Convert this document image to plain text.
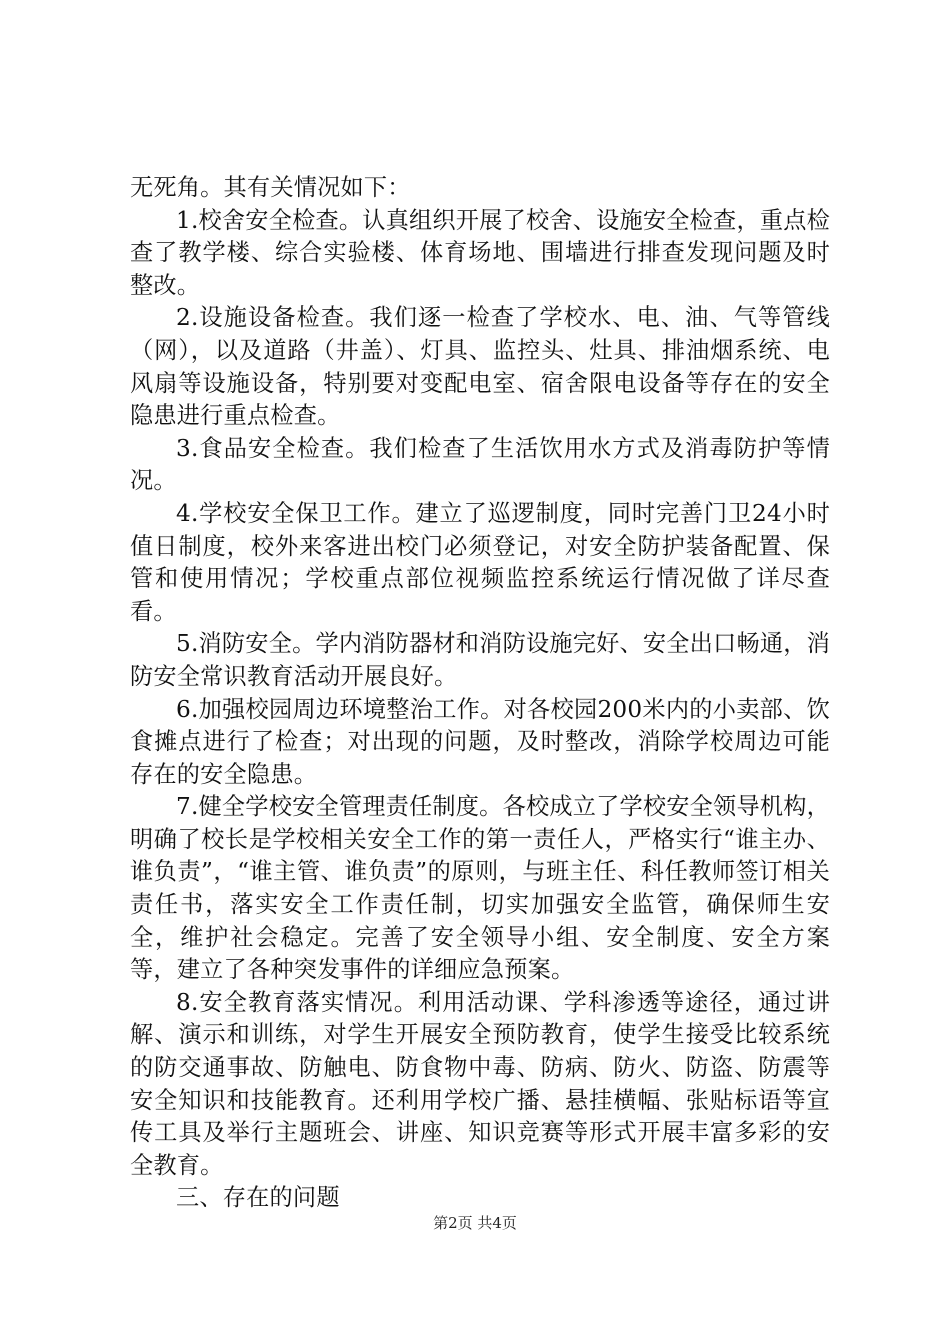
无死角。其有关情况如下：

1.校舍安全检查。认真组织开展了校舍、设施安全检查，重点检查了教学楼、综合实验楼、体育场地、围墙进行排查发现问题及时整改。

2.设施设备检查。我们逐一检查了学校水、电、油、气等管线（网），以及道路（井盖）、灯具、监控头、灶具、排油烟系统、电风扇等设施设备，特别要对变配电室、宿舍限电设备等存在的安全隐患进行重点检查。

3.食品安全检查。我们检查了生活饮用水方式及消毒防护等情况。

4.学校安全保卫工作。建立了巡逻制度，同时完善门卫24小时值日制度，校外来客进出校门必须登记，对安全防护装备配置、保管和使用情况；学校重点部位视频监控系统运行情况做了详尽查看。

5.消防安全。学内消防器材和消防设施完好、安全出口畅通，消防安全常识教育活动开展良好。

6.加强校园周边环境整治工作。对各校园200米内的小卖部、饮食摊点进行了检查；对出现的问题，及时整改，消除学校周边可能存在的安全隐患。

7.健全学校安全管理责任制度。各校成立了学校安全领导机构，明确了校长是学校相关安全工作的第一责任人，严格实行“谁主办、谁负责”，“谁主管、谁负责”的原则，与班主任、科任教师签订相关责任书，落实安全工作责任制，切实加强安全监管，确保师生安全，维护社会稳定。完善了安全领导小组、安全制度、安全方案等，建立了各种突发事件的详细应急预案。

8.安全教育落实情况。利用活动课、学科渗透等途径，通过讲解、演示和训练，对学生开展安全预防教育，使学生接受比较系统的防交通事故、防触电、防食物中毒、防病、防火、防盗、防震等安全知识和技能教育。还利用学校广播、悬挂横幅、张贴标语等宣传工具及举行主题班会、讲座、知识竞赛等形式开展丰富多彩的安全教育。

三、存在的问题

第2页 共4页
